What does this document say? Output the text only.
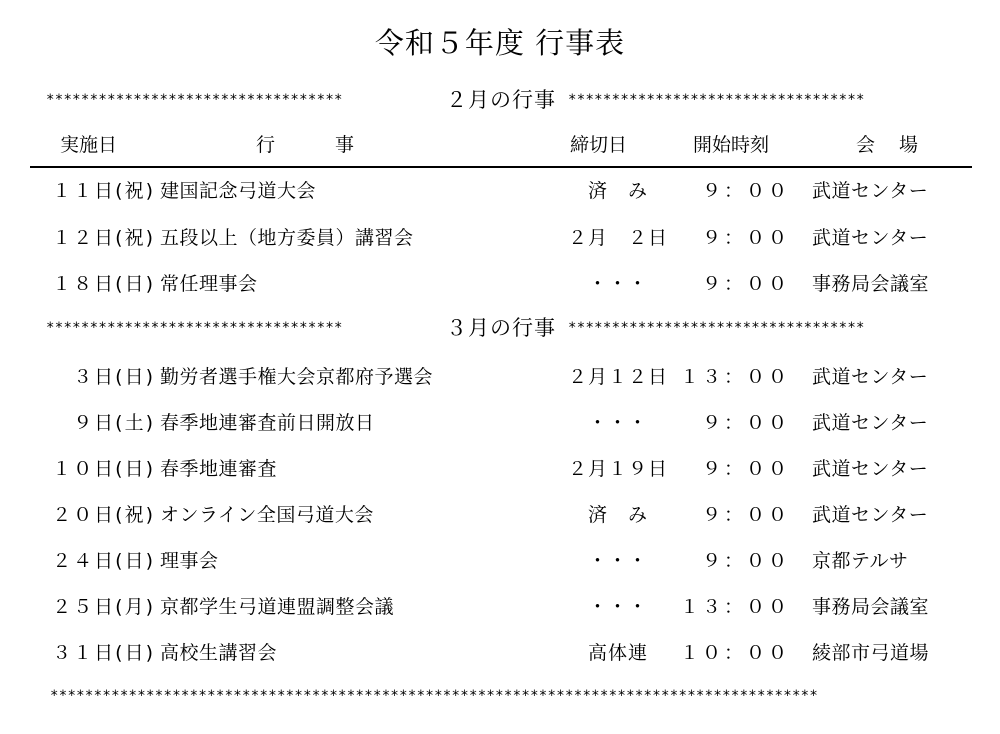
令和５年度 行事表
**********************************	２月の行事 **********************************
実施日	行事	締切日	開始時刻	会場
１１日(祝) 建国記念弓道大会	済　み	９：００ 武道センター
１２日(祝) 五段以上（地方委員）講習会	２月　２日	９：００ 武道センター
１８日(日) 常任理事会	・・・	９：００ 事務局会議室
**********************************	３月の行事 **********************************
３日(日) 勤労者選手権大会京都府予選会	２月１２日 １３：００ 武道センター
９日(土) 春季地連審査前日開放日	・・・	９：００ 武道センター
１０日(日) 春季地連審査	２月１９日	９：００ 武道センター
２０日(祝) オンライン全国弓道大会	済　み	９：００ 武道センター
２４日(日) 理事会	・・・	９：００ 京都テルサ
２５日(月) 京都学生弓道連盟調整会議	・・・	１３：００ 事務局会議室
３１日(日) 高校生講習会	高体連	１０：００ 綾部市弓道場
****************************************************************************************
